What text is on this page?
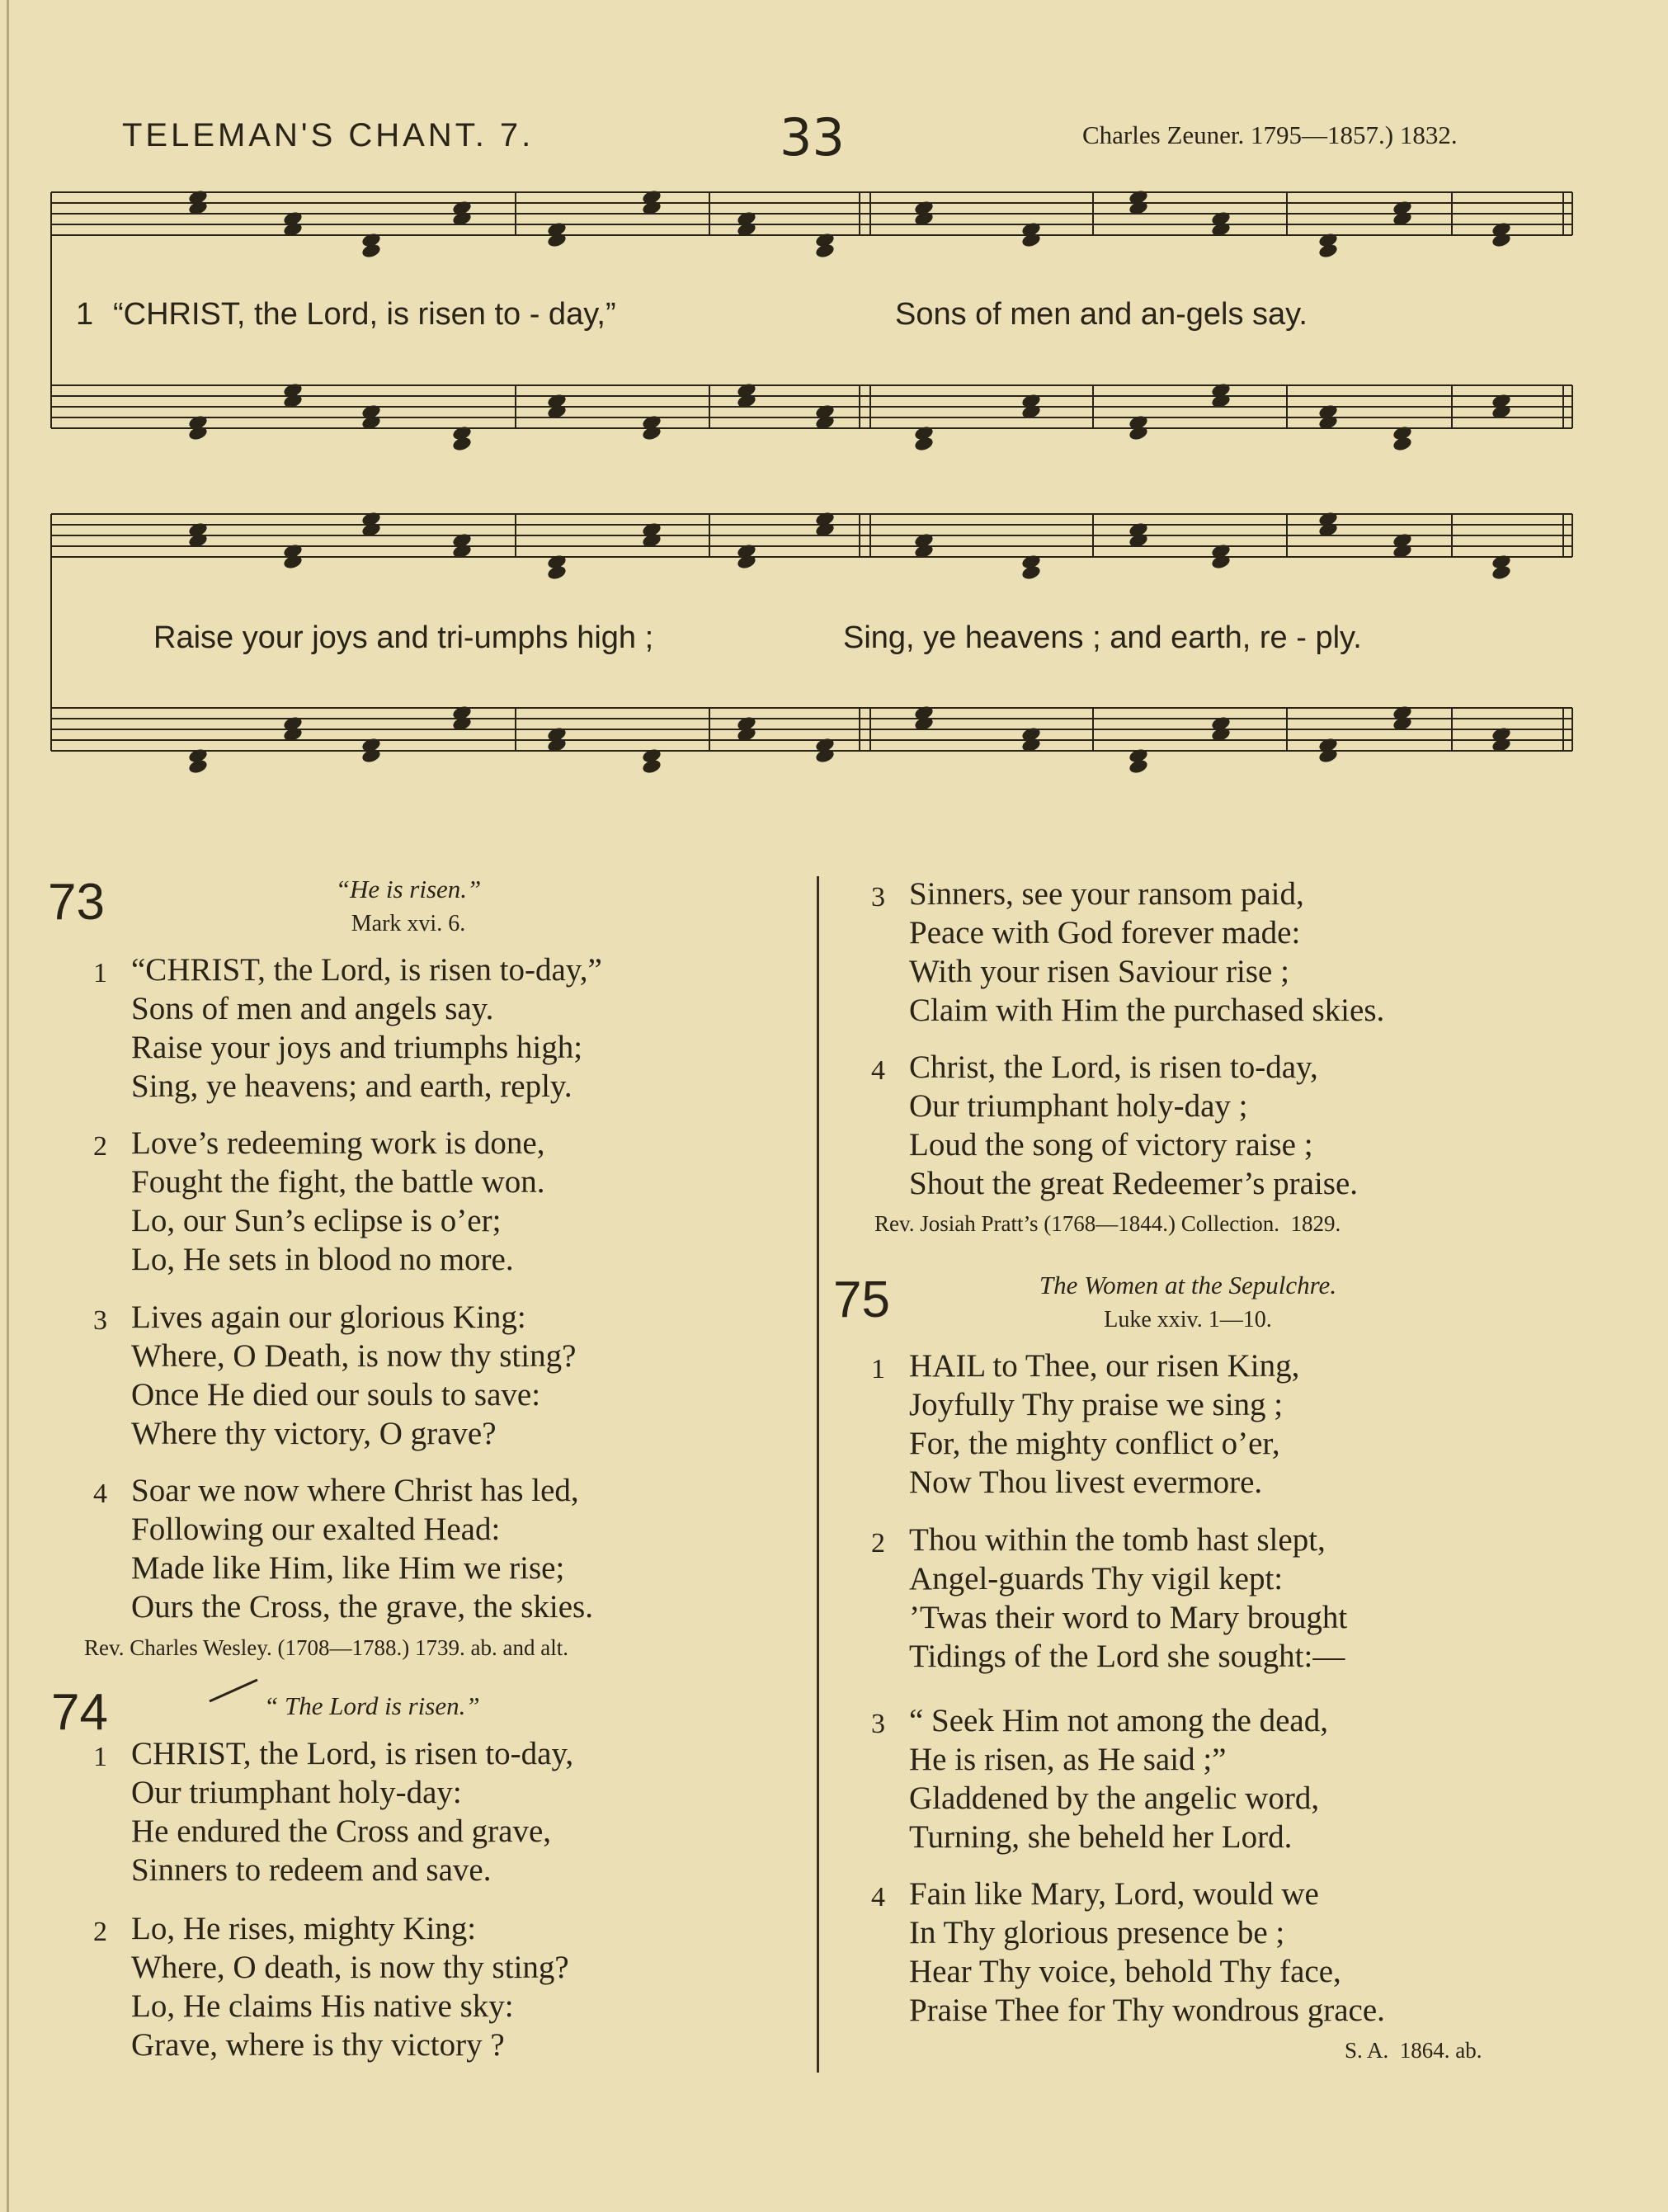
TELEMAN'S CHANT. 7.	33	Charles Zeuner. 1795—1857.) 1832.
1 “CHRIST, the Lord, is risen to - day,”	Sons of men and an-gels say.
Raise your joys and tri-umphs high ;	Sing, ye heavens ; and earth, re - ply.
73	“He is risen.”
Mark xvi. 6.
1 “CHRIST, the Lord, is risen to-day,”
Sons of men and angels say.
Raise your joys and triumphs high;
Sing, ye heavens; and earth, reply.
2 Love’s redeeming work is done,
Fought the fight, the battle won.
Lo, our Sun’s eclipse is o’er;
Lo, He sets in blood no more.
3 Lives again our glorious King:
Where, O Death, is now thy sting?
Once He died our souls to save:
Where thy victory, O grave?
4 Soar we now where Christ has led,
Following our exalted Head:
Made like Him, like Him we rise;
Ours the Cross, the grave, the skies.
Rev. Charles Wesley. (1708—1788.) 1739. ab. and alt.
74	“ The Lord is risen.”
1 CHRIST, the Lord, is risen to-day,
Our triumphant holy-day:
He endured the Cross and grave,
Sinners to redeem and save.
2 Lo, He rises, mighty King:
Where, O death, is now thy sting?
Lo, He claims His native sky:
Grave, where is thy victory ?
3 Sinners, see your ransom paid,
Peace with God forever made:
With your risen Saviour rise ;
Claim with Him the purchased skies.
4 Christ, the Lord, is risen to-day,
Our triumphant holy-day ;
Loud the song of victory raise ;
Shout the great Redeemer’s praise.
Rev. Josiah Pratt’s (1768—1844.) Collection.  1829.
75	The Women at the Sepulchre.
Luke xxiv. 1—10.
1 HAIL to Thee, our risen King,
Joyfully Thy praise we sing ;
For, the mighty conflict o’er,
Now Thou livest evermore.
2 Thou within the tomb hast slept,
Angel-guards Thy vigil kept:
’Twas their word to Mary brought
Tidings of the Lord she sought:—
3 “ Seek Him not among the dead,
He is risen, as He said ;”
Gladdened by the angelic word,
Turning, she beheld her Lord.
4 Fain like Mary, Lord, would we
In Thy glorious presence be ;
Hear Thy voice, behold Thy face,
Praise Thee for Thy wondrous grace.
S. A.  1864. ab.
